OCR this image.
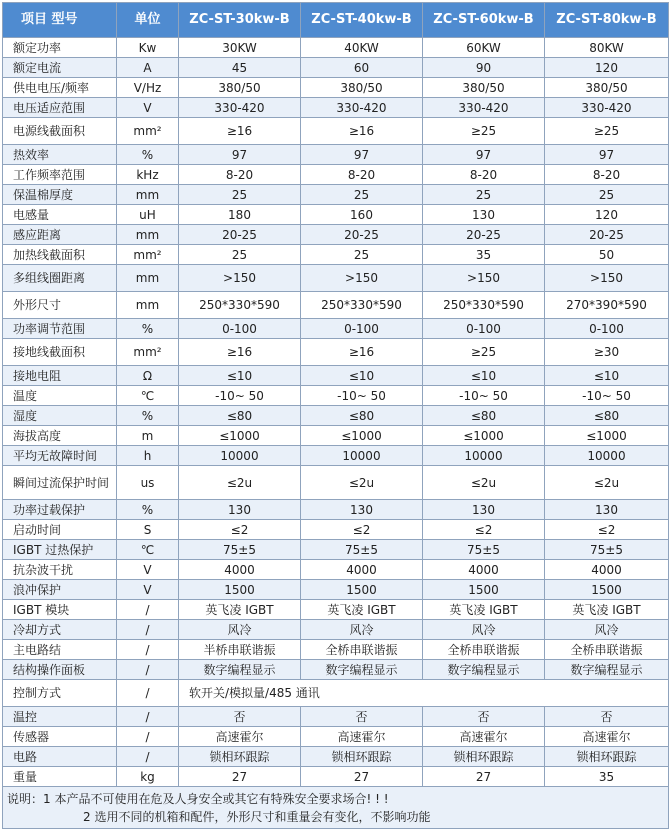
项目 型号	单位	ZC-ST-30kw-B	ZC-ST-40kw-B	ZC-ST-60kw-B	ZC-ST-80kw-B
额定功率	Kw	30KW	40KW	60KW	80KW
额定电流	A	45	60	90	120
供电电压/频率	V/Hz	380/50	380/50	380/50	380/50
电压适应范围	V	330-420	330-420	330-420	330-420
电源线截面积	mm²	≥16	≥16	≥25	≥25
热效率	%	97	97	97	97
工作频率范围	kHz	8-20	8-20	8-20	8-20
保温棉厚度	mm	25	25	25	25
电感量	uH	180	160	130	120
感应距离	mm	20-25	20-25	20-25	20-25
加热线截面积	mm²	25	25	35	50
多组线圈距离	mm	>150	>150	>150	>150
外形尺寸	mm	250*330*590	250*330*590	250*330*590	270*390*590
功率调节范围	%	0-100	0-100	0-100	0-100
接地线截面积	mm²	≥16	≥16	≥25	≥30
接地电阻	Ω	≤10	≤10	≤10	≤10
温度	℃	-10~ 50	-10~ 50	-10~ 50	-10~ 50
湿度	%	≤80	≤80	≤80	≤80
海拔高度	m	≤1000	≤1000	≤1000	≤1000
平均无故障时间	h	10000	10000	10000	10000
瞬间过流保护时间	us	≤2u	≤2u	≤2u	≤2u
功率过载保护	%	130	130	130	130
启动时间	S	≤2	≤2	≤2	≤2
IGBT 过热保护	℃	75±5	75±5	75±5	75±5
抗杂波干扰	V	4000	4000	4000	4000
浪冲保护	V	1500	1500	1500	1500
IGBT 模块	/	英飞凌 IGBT	英飞凌 IGBT	英飞凌 IGBT	英飞凌 IGBT
冷却方式	/	风冷	风冷	风冷	风冷
主电路结	/	半桥串联谐振	全桥串联谐振	全桥串联谐振	全桥串联谐振
结构操作面板	/	数字编程显示	数字编程显示	数字编程显示	数字编程显示
控制方式	/	软开关/模拟量/485 通讯			
温控	/	否	否	否	否
传感器	/	高速霍尔	高速霍尔	高速霍尔	高速霍尔
电路	/	锁相环跟踪	锁相环跟踪	锁相环跟踪	锁相环跟踪
重量	kg	27	27	27	35
说明：1 本产品不可使用在危及人身安全或其它有特殊安全要求场合! ! !
2 选用不同的机箱和配件，外形尺寸和重量会有变化，不影响功能					
